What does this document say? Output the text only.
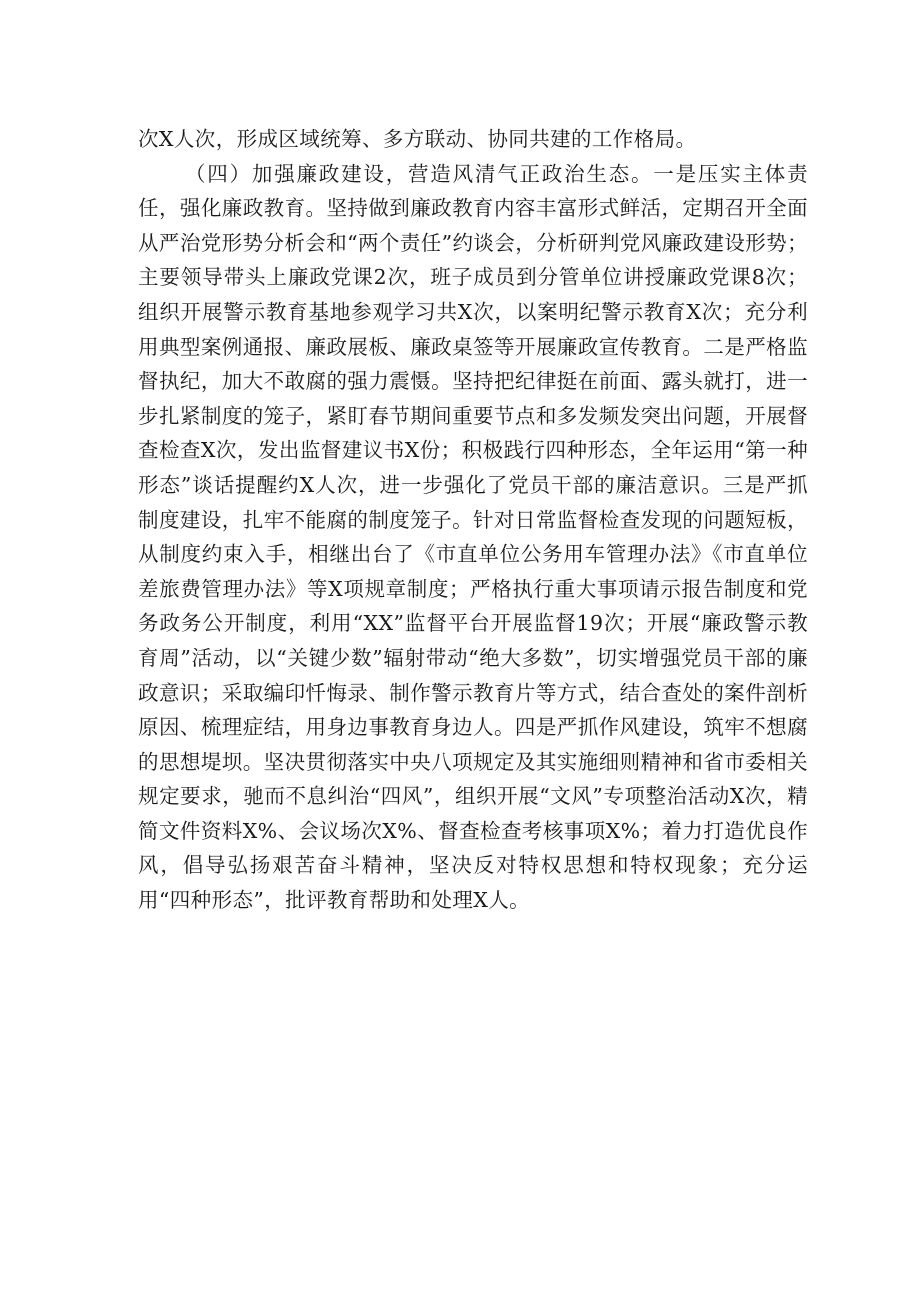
次X人次，形成区域统筹、多方联动、协同共建的工作格局。

（四）加强廉政建设，营造风清气正政治生态。一是压实主体责任，强化廉政教育。坚持做到廉政教育内容丰富形式鲜活，定期召开全面从严治党形势分析会和“两个责任”约谈会，分析研判党风廉政建设形势；主要领导带头上廉政党课2次，班子成员到分管单位讲授廉政党课8次；组织开展警示教育基地参观学习共X次，以案明纪警示教育X次；充分利用典型案例通报、廉政展板、廉政桌签等开展廉政宣传教育。二是严格监督执纪，加大不敢腐的强力震慑。坚持把纪律挺在前面、露头就打，进一步扎紧制度的笼子，紧盯春节期间重要节点和多发频发突出问题，开展督查检查X次，发出监督建议书X份；积极践行四种形态，全年运用“第一种形态”谈话提醒约X人次，进一步强化了党员干部的廉洁意识。三是严抓制度建设，扎牢不能腐的制度笼子。针对日常监督检查发现的问题短板，从制度约束入手，相继出台了《市直单位公务用车管理办法》《市直单位差旅费管理办法》等X项规章制度；严格执行重大事项请示报告制度和党务政务公开制度，利用“XX”监督平台开展监督19次；开展“廉政警示教育周”活动，以“关键少数”辐射带动“绝大多数”，切实增强党员干部的廉政意识；采取编印忏悔录、制作警示教育片等方式，结合查处的案件剖析原因、梳理症结，用身边事教育身边人。四是严抓作风建设，筑牢不想腐的思想堤坝。坚决贯彻落实中央八项规定及其实施细则精神和省市委相关规定要求，驰而不息纠治“四风”，组织开展“文风”专项整治活动X次，精简文件资料X%、会议场次X%、督查检查考核事项X%；着力打造优良作风，倡导弘扬艰苦奋斗精神，坚决反对特权思想和特权现象；充分运用“四种形态”，批评教育帮助和处理X人。
